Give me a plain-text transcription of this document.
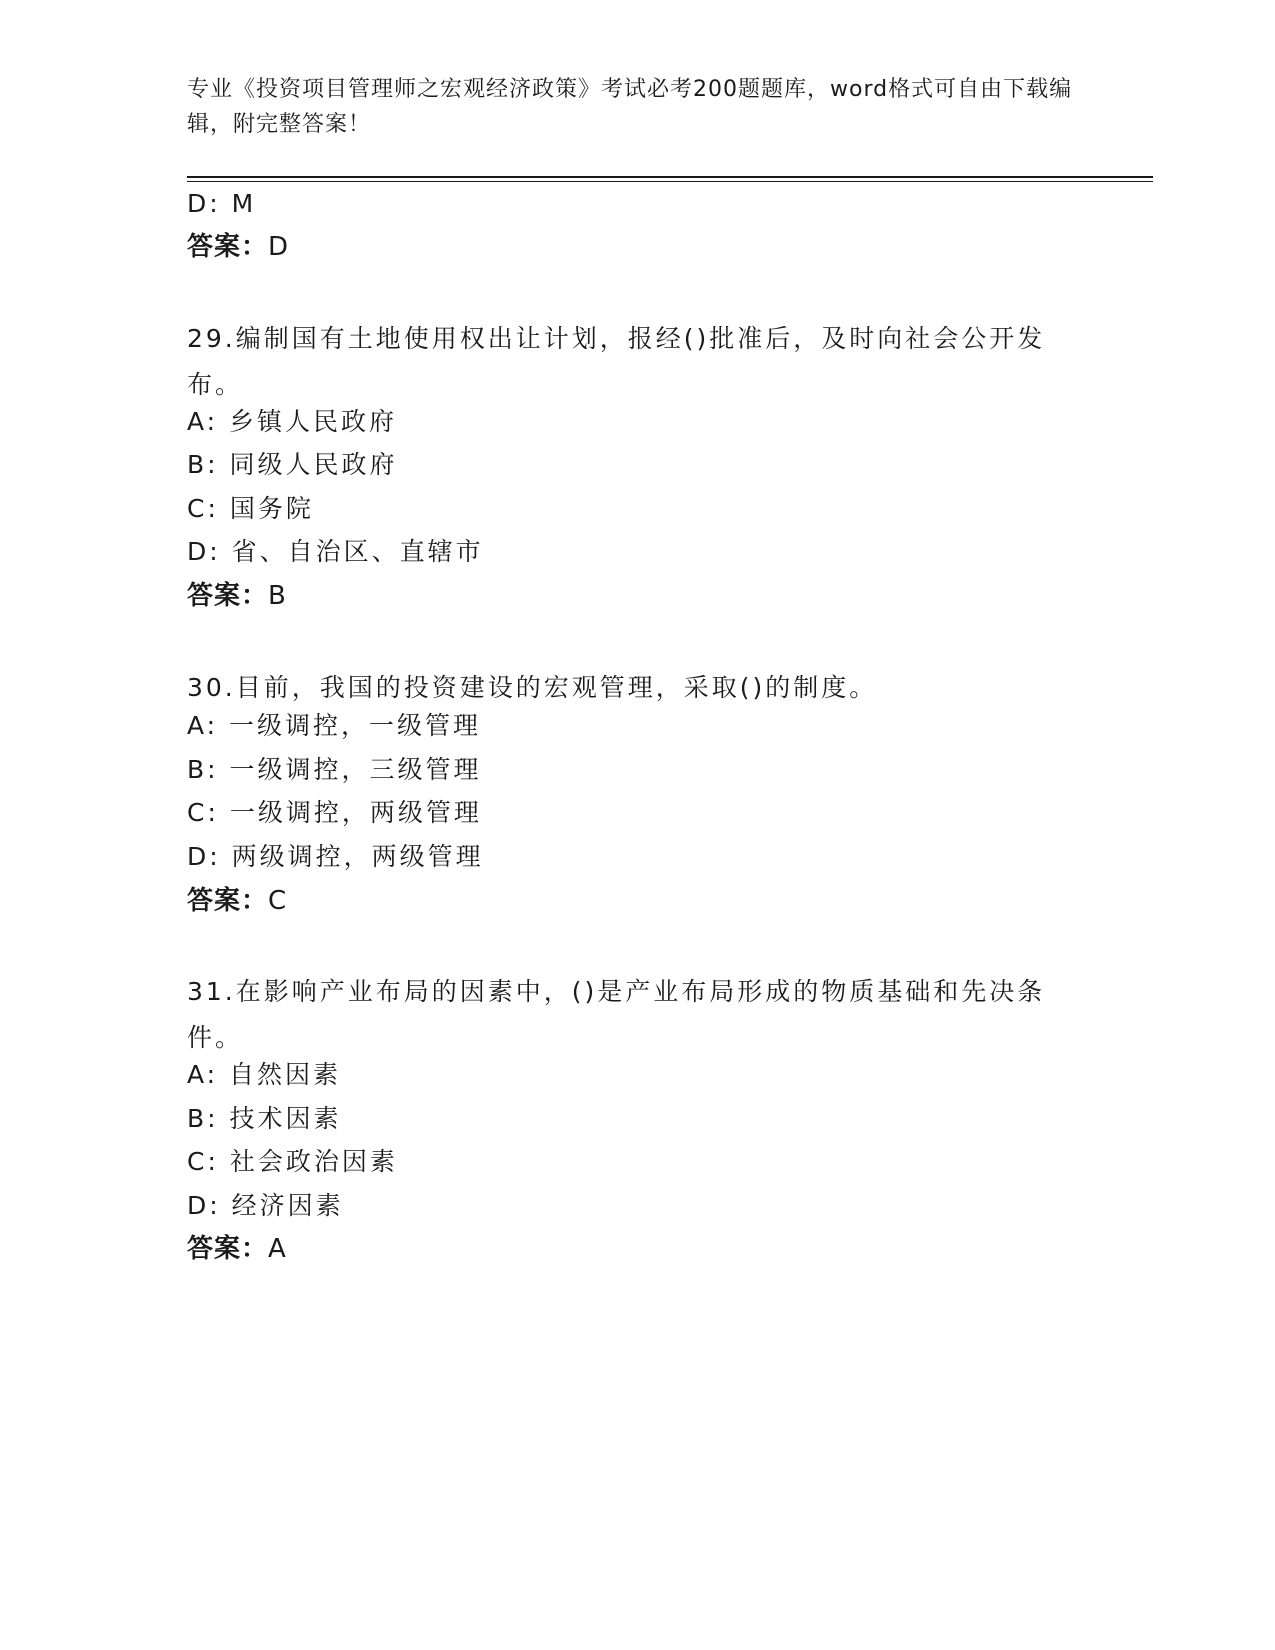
专业《投资项目管理师之宏观经济政策》考试必考200题题库，word格式可自由下载编辑，附完整答案！
D: M
答案：D
29.编制国有土地使用权出让计划，报经()批准后，及时向社会公开发布。
A: 乡镇人民政府
B: 同级人民政府
C: 国务院
D: 省、自治区、直辖市
答案：B
30.目前，我国的投资建设的宏观管理，采取()的制度。
A: 一级调控，一级管理
B: 一级调控，三级管理
C: 一级调控，两级管理
D: 两级调控，两级管理
答案：C
31.在影响产业布局的因素中，()是产业布局形成的物质基础和先决条件。
A: 自然因素
B: 技术因素
C: 社会政治因素
D: 经济因素
答案：A
